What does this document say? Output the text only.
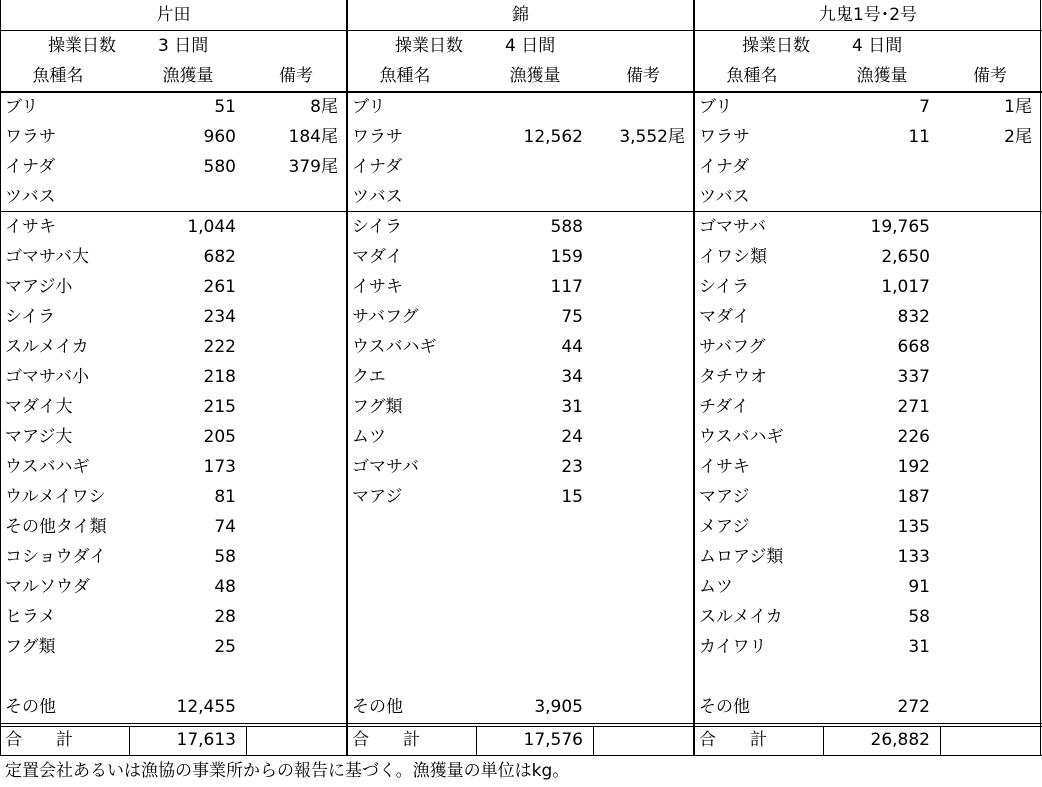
片田
操業日数	3 日間
魚種名	漁獲量	備考
ブリ	51	8尾
ワラサ	960	184尾
イナダ	580	379尾
ツバス
イサキ	1,044
ゴマサバ大	682
マアジ小	261
シイラ	234
スルメイカ	222
ゴマサバ小	218
マダイ大	215
マアジ大	205
ウスバハギ	173
ウルメイワシ	81
その他タイ類	74
コショウダイ	58
マルソウダ	48
ヒラメ	28
フグ類	25
その他	12,455
合　　計	17,613
錦
操業日数	4 日間
魚種名	漁獲量	備考
ブリ
ワラサ	12,562	3,552尾
イナダ
ツバス
シイラ	588
マダイ	159
イサキ	117
サバフグ	75
ウスバハギ	44
クエ	34
フグ類	31
ムツ	24
ゴマサバ	23
マアジ	15
その他	3,905
合　　計	17,576
九鬼1号･2号
操業日数	4 日間
魚種名	漁獲量	備考
ブリ	7	1尾
ワラサ	11	2尾
イナダ
ツバス
ゴマサバ	19,765
イワシ類	2,650
シイラ	1,017
マダイ	832
サバフグ	668
タチウオ	337
チダイ	271
ウスバハギ	226
イサキ	192
マアジ	187
メアジ	135
ムロアジ類	133
ムツ	91
スルメイカ	58
カイワリ	31
その他	272
合　　計	26,882
定置会社あるいは漁協の事業所からの報告に基づく。漁獲量の単位はkg。
